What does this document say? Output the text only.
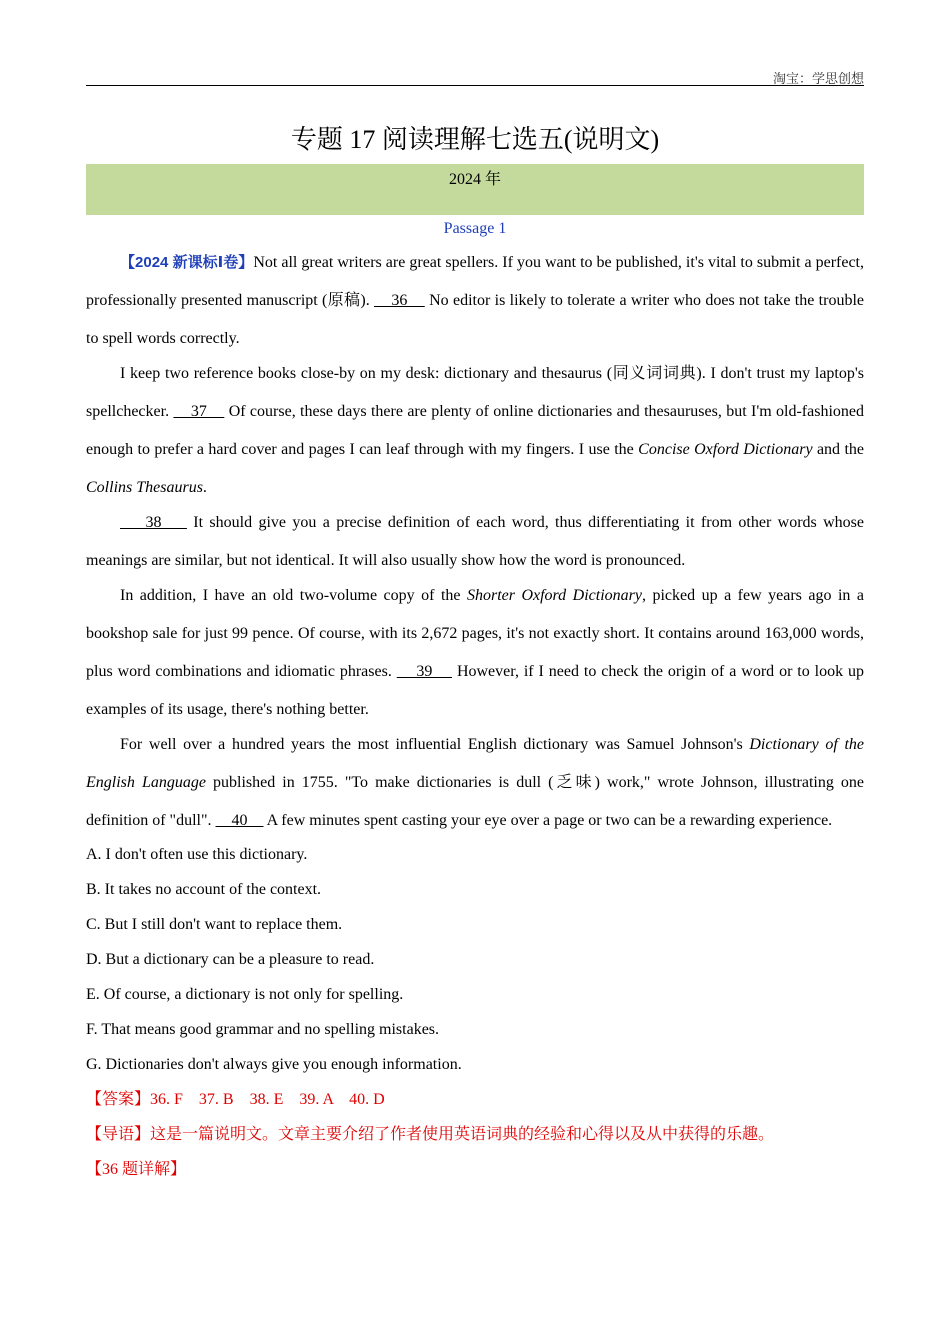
淘宝：学思创想
专题 17 阅读理解七选五(说明文)
2024 年
Passage 1

【2024 新课标Ⅰ卷】Not all great writers are great spellers. If you want to be published, it's vital to submit a perfect, professionally presented manuscript (原稿).     36     No editor is likely to tolerate a writer who does not take the trouble to spell words correctly.

I keep two reference books close-by on my desk: dictionary and thesaurus (同义词词典). I don't trust my laptop's spellchecker.     37     Of course, these days there are plenty of online dictionaries and thesauruses, but I'm old-fashioned enough to prefer a hard cover and pages I can leaf through with my fingers. I use the Concise Oxford Dictionary and the Collins Thesaurus.

38     It should give you a precise definition of each word, thus differentiating it from other words whose meanings are similar, but not identical. It will also usually show how the word is pronounced.

In addition, I have an old two-volume copy of the Shorter Oxford Dictionary, picked up a few years ago in a bookshop sale for just 99 pence. Of course, with its 2,672 pages, it's not exactly short. It contains around 163,000 words, plus word combinations and idiomatic phrases.     39     However, if I need to check the origin of a word or to look up examples of its usage, there's nothing better.

For well over a hundred years the most influential English dictionary was Samuel Johnson's Dictionary of the English Language published in 1755. "To make dictionaries is dull (乏味) work," wrote Johnson, illustrating one definition of "dull".     40     A few minutes spent casting your eye over a page or two can be a rewarding experience.

A. I don't often use this dictionary.

B. It takes no account of the context.

C. But I still don't want to replace them.

D. But a dictionary can be a pleasure to read.

E. Of course, a dictionary is not only for spelling.

F. That means good grammar and no spelling mistakes.

G. Dictionaries don't always give you enough information.

【答案】36. F    37. B    38. E    39. A    40. D

【导语】这是一篇说明文。文章主要介绍了作者使用英语词典的经验和心得以及从中获得的乐趣。

【36 题详解】
